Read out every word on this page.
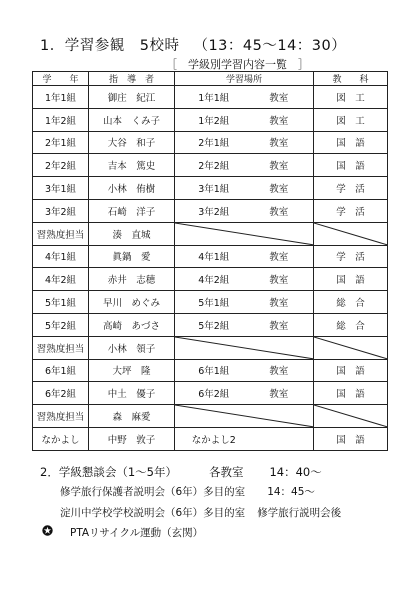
1．学習参観　5校時 （13：45～14：30）
［　学級別学習内容一覧　］
学　　年	指　導　者	学習場所		教　　科
1年1組	御庄　紀江	1年1組	教室	図　工
1年2組	山本　くみ子	1年2組	教室	図　工
2年1組	大谷　和子	2年1組	教室	国　語
2年2組	吉本　篤史	2年2組	教室	国　語
3年1組	小林　侑樹	3年1組	教室	学　活
3年2組	石崎　洋子	3年2組	教室	学　活
習熟度担当	湊　直城	

4年1組	眞鍋　愛	4年1組	教室	学　活
4年2組	赤井　志穂	4年2組	教室	国　語
5年1組	早川　めぐみ	5年1組	教室	総　合
5年2組	高崎　あづさ	5年2組	教室	総　合
習熟度担当	小林　領子	

6年1組	大坪　隆	6年1組	教室	国　語
6年2組	中土　優子	6年2組	教室	国　語
習熟度担当	森　麻愛	

なかよし	中野　敦子	なかよし2		国　語
2．学級懇談会（1～5年）	各教室 14：40～
修学旅行保護者説明会（6年）多目的室 14：45～
淀川中学校学校説明会（6年）多目的室 修学旅行説明会後
PTAリサイクル運動（玄関）
